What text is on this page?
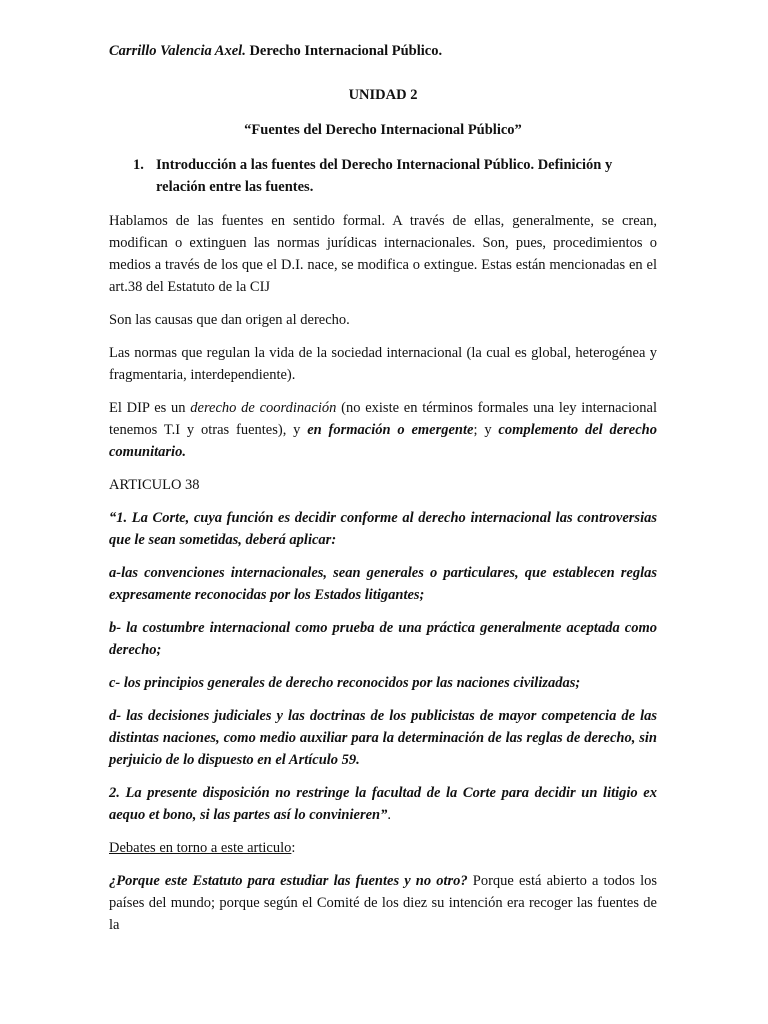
Carrillo Valencia Axel. Derecho Internacional Público.
UNIDAD 2
“Fuentes del Derecho Internacional Público”
1. Introducción a las fuentes del Derecho Internacional Público. Definición y relación entre las fuentes.

Hablamos de las fuentes en sentido formal. A través de ellas, generalmente, se crean, modifican o extinguen las normas jurídicas internacionales. Son, pues, procedimientos o medios a través de los que el D.I. nace, se modifica o extingue. Estas están mencionadas en el art.38 del Estatuto de la CIJ

Son las causas que dan origen al derecho.

Las normas que regulan la vida de la sociedad internacional (la cual es global, heterogénea y fragmentaria, interdependiente).

El DIP es un derecho de coordinación (no existe en términos formales una ley internacional tenemos T.I y otras fuentes), y en formación o emergente; y complemento del derecho comunitario.

ARTICULO 38

“1. La Corte, cuya función es decidir conforme al derecho internacional las controversias que le sean sometidas, deberá aplicar:

a-las convenciones internacionales, sean generales o particulares, que establecen reglas expresamente reconocidas por los Estados litigantes;

b- la costumbre internacional como prueba de una práctica generalmente aceptada como derecho;

c- los principios generales de derecho reconocidos por las naciones civilizadas;

d- las decisiones judiciales y las doctrinas de los publicistas de mayor competencia de las distintas naciones, como medio auxiliar para la determinación de las reglas de derecho, sin perjuicio de lo dispuesto en el Artículo 59.

2. La presente disposición no restringe la facultad de la Corte para decidir un litigio ex aequo et bono, si las partes así lo convinieren”.

Debates en torno a este articulo:

¿Porque este Estatuto para estudiar las fuentes y no otro? Porque está abierto a todos los países del mundo; porque según el Comité de los diez su intención era recoger las fuentes de la
